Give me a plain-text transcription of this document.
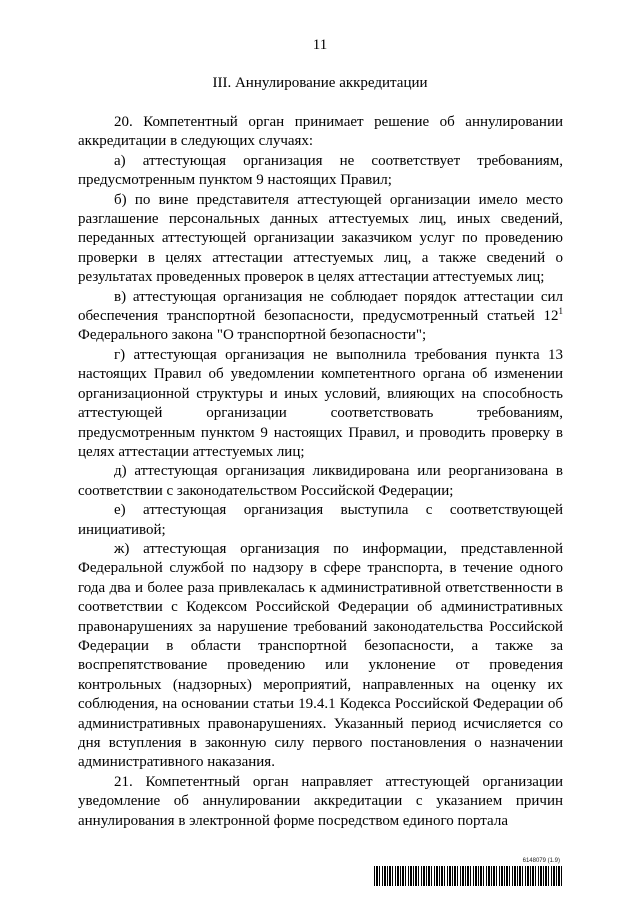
11
III. Аннулирование аккредитации

20. Компетентный орган принимает решение об аннулировании аккредитации в следующих случаях:

а) аттестующая организация не соответствует требованиям, предусмотренным пунктом 9 настоящих Правил;

б) по вине представителя аттестующей организации имело место разглашение персональных данных аттестуемых лиц, иных сведений, переданных аттестующей организации заказчиком услуг по проведению проверки в целях аттестации аттестуемых лиц, а также сведений о результатах проведенных проверок в целях аттестации аттестуемых лиц;

в) аттестующая организация не соблюдает порядок аттестации сил обеспечения транспортной безопасности, предусмотренный статьей $12^1$ Федерального закона "О транспортной безопасности";

г) аттестующая организация не выполнила требования пункта 13 настоящих Правил об уведомлении компетентного органа об изменении организационной структуры и иных условий, влияющих на способность аттестующей организации соответствовать требованиям, предусмотренным пунктом 9 настоящих Правил, и проводить проверку в целях аттестации аттестуемых лиц;

д) аттестующая организация ликвидирована или реорганизована в соответствии с законодательством Российской Федерации;

е) аттестующая организация выступила с соответствующей инициативой;

ж) аттестующая организация по информации, представленной Федеральной службой по надзору в сфере транспорта, в течение одного года два и более раза привлекалась к административной ответственности в соответствии с Кодексом Российской Федерации об административных правонарушениях за нарушение требований законодательства Российской Федерации в области транспортной безопасности, а также за воспрепятствование проведению или уклонение от проведения контрольных (надзорных) мероприятий, направленных на оценку их соблюдения, на основании статьи 19.4.1 Кодекса Российской Федерации об административных правонарушениях. Указанный период исчисляется со дня вступления в законную силу первого постановления о назначении административного наказания.

21. Компетентный орган направляет аттестующей организации уведомление об аннулировании аккредитации с указанием причин аннулирования в электронной форме посредством единого портала

6148079 (1.9)
